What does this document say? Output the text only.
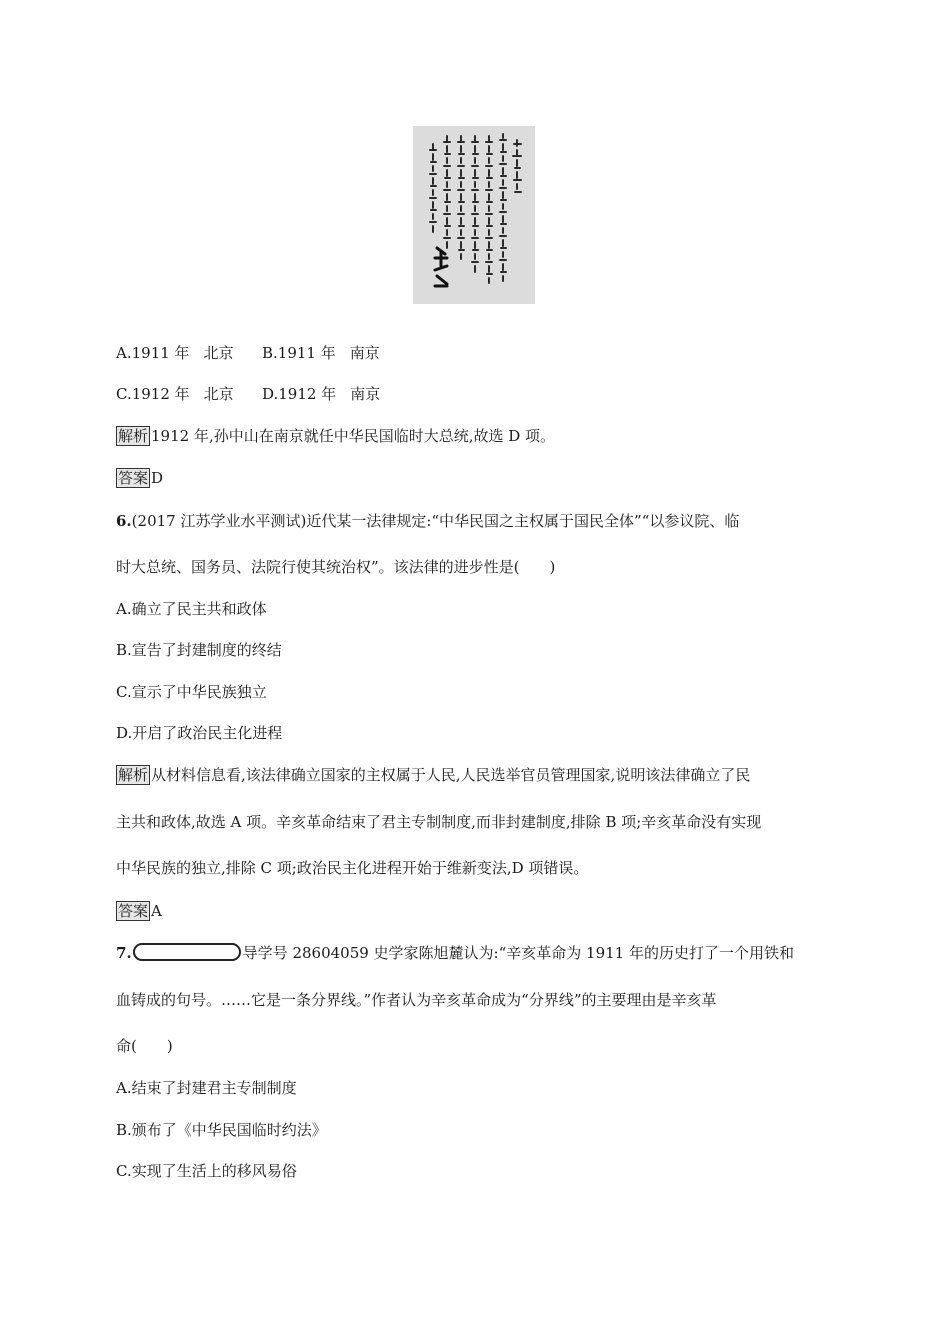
A.1911 年 北京 B.1911 年 南京
C.1912 年 北京 D.1912 年 南京
解析 1912 年,孙中山在南京就任中华民国临时大总统,故选 D 项。
答案 D
6.(2017 江苏学业水平测试)近代某一法律规定:“中华民国之主权属于国民全体”“以参议院、临
时大总统、国务员、法院行使其统治权”。该法律的进步性是(　　)
A.确立了民主共和政体
B.宣告了封建制度的终结
C.宣示了中华民族独立
D.开启了政治民主化进程
解析 从材料信息看,该法律确立国家的主权属于人民,人民选举官员管理国家,说明该法律确立了民
主共和政体,故选 A 项。辛亥革命结束了君主专制制度,而非封建制度,排除 B 项;辛亥革命没有实现
中华民族的独立,排除 C 项;政治民主化进程开始于维新变法,D 项错误。
答案 A
7.	导学号 28604059 史学家陈旭麓认为:“辛亥革命为 1911 年的历史打了一个用铁和
血铸成的句号。……它是一条分界线。”作者认为辛亥革命成为“分界线”的主要理由是辛亥革
命(　　)
A.结束了封建君主专制制度
B.颁布了《中华民国临时约法》
C.实现了生活上的移风易俗
